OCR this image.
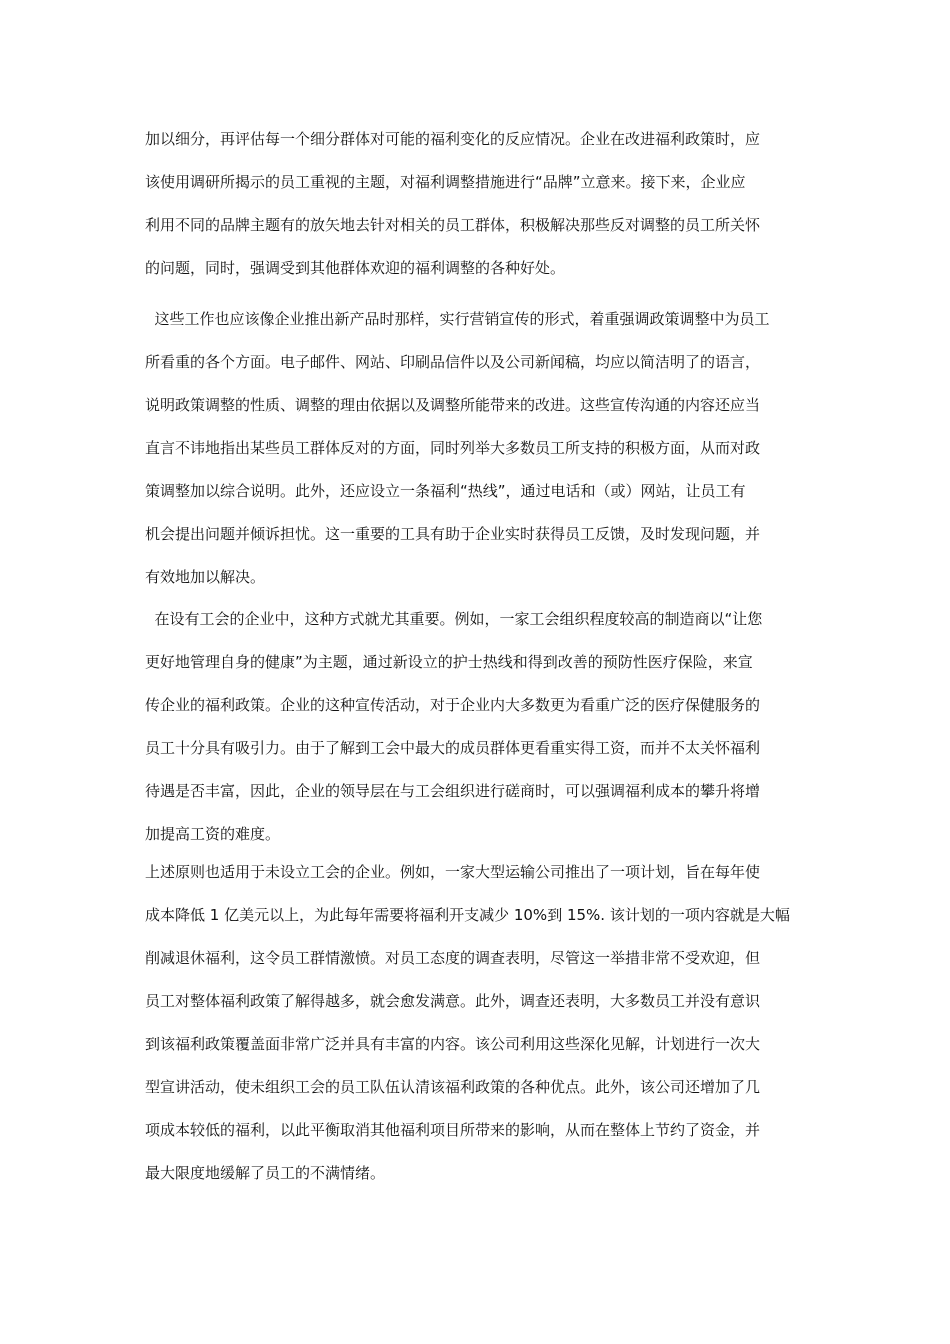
加以细分，再评估每一个细分群体对可能的福利变化的反应情况。企业在改进福利政策时，应
该使用调研所揭示的员工重视的主题，对福利调整措施进行“品牌”立意来。接下来，企业应
利用不同的品牌主题有的放矢地去针对相关的员工群体，积极解决那些反对调整的员工所关怀
的问题，同时，强调受到其他群体欢迎的福利调整的各种好处。
这些工作也应该像企业推出新产品时那样，实行营销宣传的形式，着重强调政策调整中为员工
所看重的各个方面。电子邮件、网站、印刷品信件以及公司新闻稿，均应以简洁明了的语言，
说明政策调整的性质、调整的理由依据以及调整所能带来的改进。这些宣传沟通的内容还应当
直言不讳地指出某些员工群体反对的方面，同时列举大多数员工所支持的积极方面，从而对政
策调整加以综合说明。此外，还应设立一条福利“热线”，通过电话和（或）网站，让员工有
机会提出问题并倾诉担忧。这一重要的工具有助于企业实时获得员工反馈，及时发现问题，并
有效地加以解决。
在设有工会的企业中，这种方式就尤其重要。例如，一家工会组织程度较高的制造商以“让您
更好地管理自身的健康”为主题，通过新设立的护士热线和得到改善的预防性医疗保险，来宣
传企业的福利政策。企业的这种宣传活动，对于企业内大多数更为看重广泛的医疗保健服务的
员工十分具有吸引力。由于了解到工会中最大的成员群体更看重实得工资，而并不太关怀福利
待遇是否丰富，因此，企业的领导层在与工会组织进行磋商时，可以强调福利成本的攀升将增
加提高工资的难度。
上述原则也适用于未设立工会的企业。例如，一家大型运输公司推出了一项计划，旨在每年使
成本降低 1 亿美元以上，为此每年需要将福利开支减少 10%到 15%. 该计划的一项内容就是大幅
削减退休福利，这令员工群情激愤。对员工态度的调查表明，尽管这一举措非常不受欢迎，但
员工对整体福利政策了解得越多，就会愈发满意。此外，调查还表明，大多数员工并没有意识
到该福利政策覆盖面非常广泛并具有丰富的内容。该公司利用这些深化见解，计划进行一次大
型宣讲活动，使未组织工会的员工队伍认清该福利政策的各种优点。此外，该公司还增加了几
项成本较低的福利，以此平衡取消其他福利项目所带来的影响，从而在整体上节约了资金，并
最大限度地缓解了员工的不满情绪。
